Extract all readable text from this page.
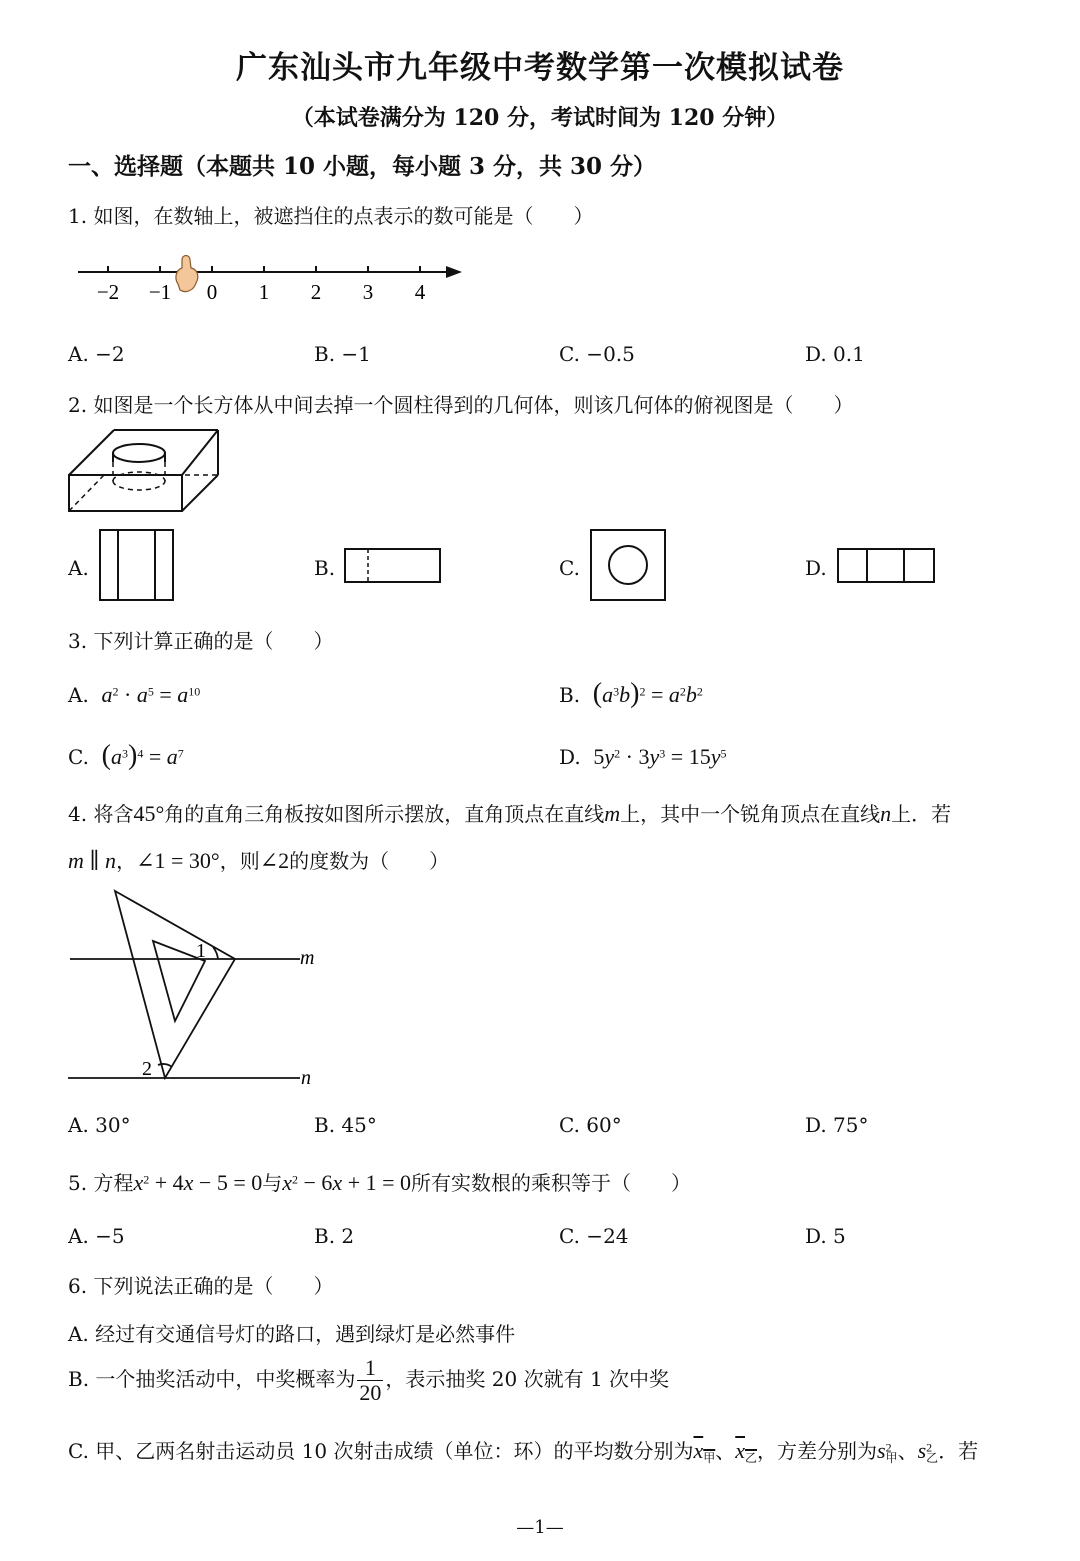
广东汕头市九年级中考数学第一次模拟试卷
（本试卷满分为 120 分，考试时间为 120 分钟）
一、选择题（本题共 10 小题，每小题 3 分，共 30 分）
1. 如图，在数轴上，被遮挡住的点表示的数可能是（　　）
−2 −1 0 1 2 3 4
A. −2	B. −1	C. −0.5	D. 0.1
2. 如图是一个长方体从中间去掉一个圆柱得到的几何体，则该几何体的俯视图是（　　）
A.	B.	C.	D.
3. 下列计算正确的是（　　）
A. $a^2 \cdot a^5 = a^{10}$	B. $(a^3b)^2 = a^2b^2$
C. $(a^3)^4 = a^7$	D. $5y^2 \cdot 3y^3 = 15y^5$
4. 将含45°角的直角三角板按如图所示摆放，直角顶点在直线m上，其中一个锐角顶点在直线n上．若
m ∥ n，∠1 = 30°，则∠2的度数为（　　）
1
2
m
n
A. 30°	B. 45°	C. 60°	D. 75°
5. 方程$x^2 + 4x - 5 = 0$与$x^2 - 6x + 1 = 0$所有实数根的乘积等于（　　）
A. −5	B. 2	C. −24	D. 5
6. 下列说法正确的是（　　）
A. 经过有交通信号灯的路口，遇到绿灯是必然事件
B. 一个抽奖活动中，中奖概率为 $\frac{1}{20}$ ，表示抽奖 20 次就有 1 次中奖
C. 甲、乙两名射击运动员 10 次射击成绩（单位：环）的平均数分别为$x_甲$、$x_乙$，方差分别为$s^2_甲$、$s^2_乙$．若
—1—
